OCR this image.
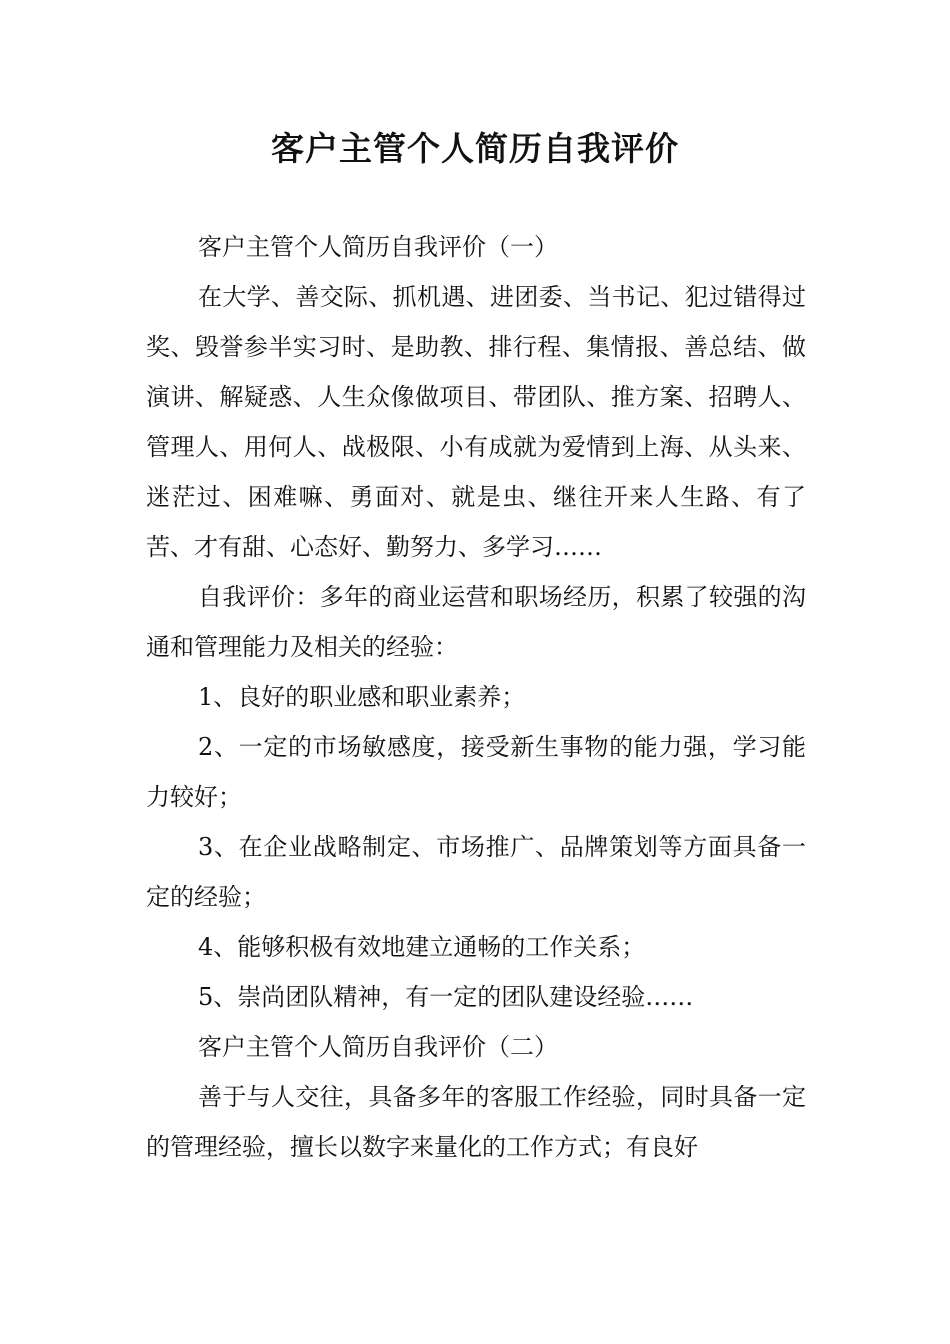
客户主管个人简历自我评价

客户主管个人简历自我评价（一）

在大学、善交际、抓机遇、进团委、当书记、犯过错得过奖、毁誉参半实习时、是助教、排行程、集情报、善总结、做演讲、解疑惑、人生众像做项目、带团队、推方案、招聘人、管理人、用何人、战极限、小有成就为爱情到上海、从头来、迷茫过、困难嘛、勇面对、就是虫、继往开来人生路、有了苦、才有甜、心态好、勤努力、多学习……

自我评价：多年的商业运营和职场经历，积累了较强的沟通和管理能力及相关的经验：

1、良好的职业感和职业素养；

2、一定的市场敏感度，接受新生事物的能力强，学习能力较好；

3、在企业战略制定、市场推广、品牌策划等方面具备一定的经验；

4、能够积极有效地建立通畅的工作关系；

5、崇尚团队精神，有一定的团队建设经验……

客户主管个人简历自我评价（二）

善于与人交往，具备多年的客服工作经验，同时具备一定的管理经验，擅长以数字来量化的工作方式；有良好
